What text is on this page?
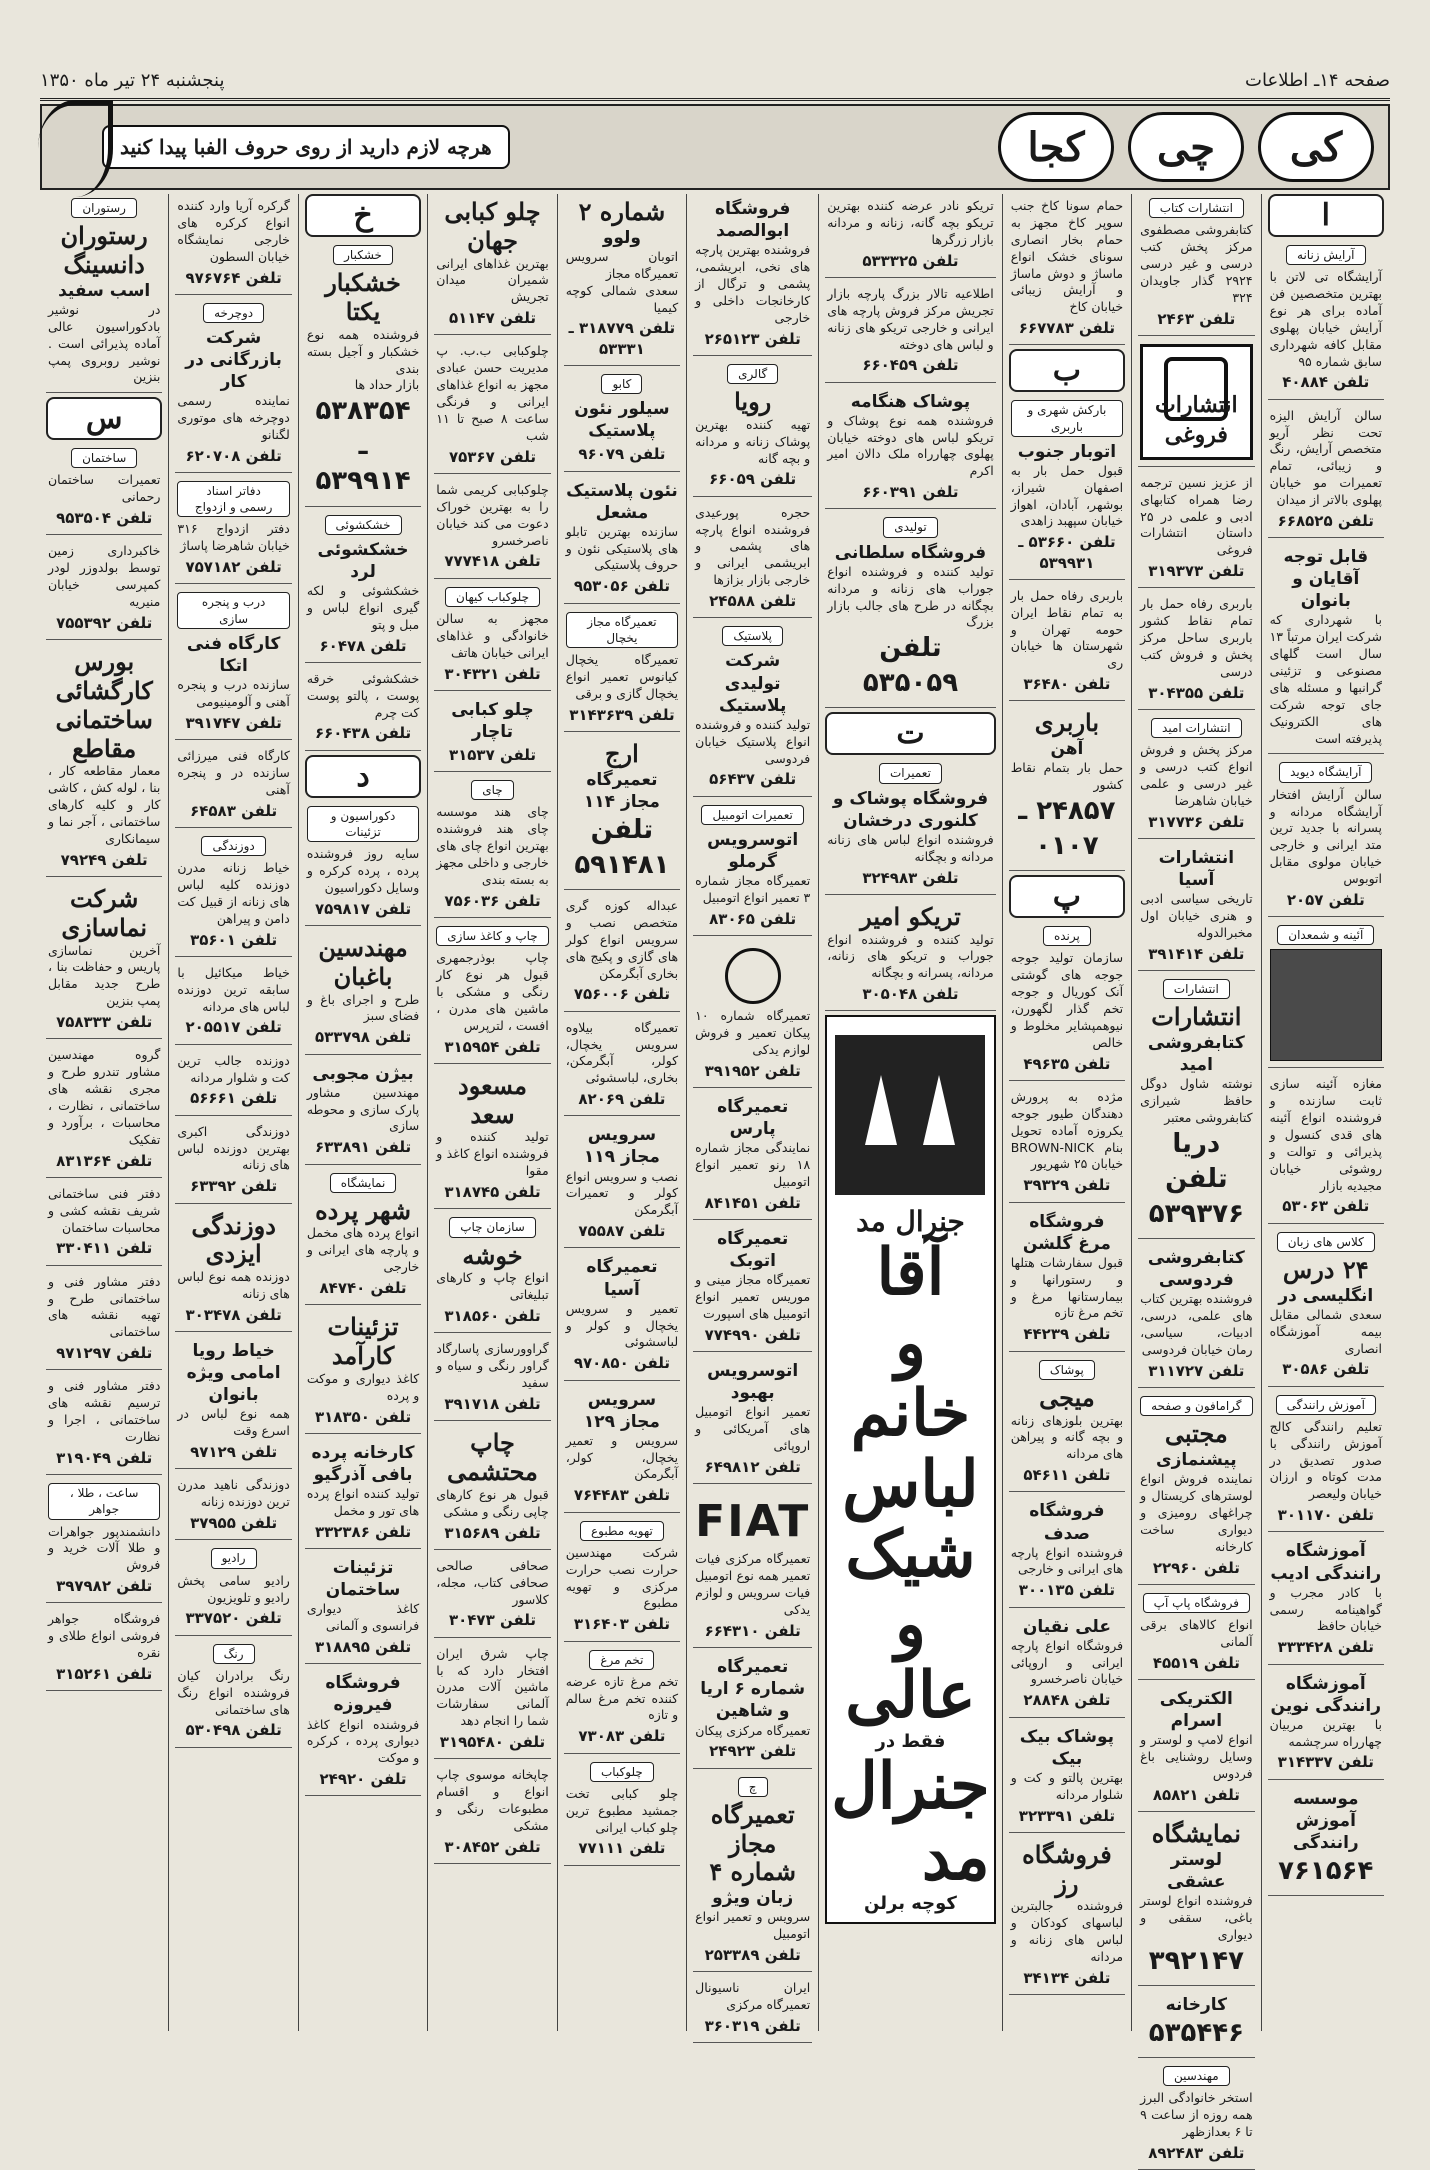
صفحه ۱۴ـ اطلاعات
پنجشنبه ۲۴ تیر ماه ۱۳۵۰
کی
چی
کجا
هرچه لازم دارید از روی حروف الفبا پیدا کنید
ا
آرایش زنانه
آرایشگاه تی لاتن با بهترین متخصصین فن آماده برای هر نوع آرایش خیابان پهلوی مقابل کافه شهرداری سابق شماره ۹۵
تلفن ۴۰۸۸۴
سالن آرایش الیزه تحت نظر آریو متخصص آرایش، رنگ و زیبائی، تمام تعمیرات مو خیابان پهلوی بالاتر از میدان
تلفن ۶۶۸۵۲۵
قابل توجه آقایان و بانوان
با شهرداری که شرکت ایران مرتباً ۱۳ سال است گلهای مصنوعی و تزئینی گرانبها و مسئله های جای توجه شرکت های الکترونیک پذیرفته است
آرایشگاه دیوید
سالن آرایش افتخار آرایشگاه مردانه و پسرانه با جدید ترین متد ایرانی و خارجی خیابان مولوی مقابل اتوبوس
تلفن ۲۰۵۷
آئینه و شمعدان
مغازه آئینه سازی ثابت سازنده و فروشنده انواع آئینه های قدی کنسول و پذیرائی و توالت و روشوئی خیابان مجیدیه بازار
تلفن ۵۳۰۶۳
کلاس های زبان
۲۴ درس
انگلیسی در
سعدی شمالی مقابل بیمه آموزشگاه انصاری
تلفن ۳۰۵۸۶
آموزش رانندگی
تعلیم رانندگی کالج آموزش رانندگی با صدور تصدیق در مدت کوتاه و ارزان خیابان ولیعصر
تلفن ۳۰۱۱۷۰
آموزشگاه رانندگی ادیب
با کادر مجرب و گواهینامه رسمی خیابان حافظ
تلفن ۳۳۳۴۲۸
آموزشگاه رانندگی نوین
با بهترین مربیان چهارراه سرچشمه
تلفن ۳۱۴۳۳۷
موسسه آموزش رانندگی
۷۶۱۵۶۴
انتشارات کتاب
کتابفروشی مصطفوی مرکز پخش کتب درسی و غیر درسی ۲۹۲۴ گذار جاویدان ۳۲۴
تلفن ۲۴۶۳
انتشارات فروغی
از عزیز نسین ترجمه رضا همراه کتابهای ادبی و علمی در ۲۵ داستان انتشارات فروغی
تلفن ۳۱۹۳۷۳
باربری رفاه حمل بار تمام نقاط کشور باربری ساحل مرکز پخش و فروش کتب درسی
تلفن ۳۰۴۳۵۵
انتشارات امید
مرکز پخش و فروش انواع کتب درسی و غیر درسی و علمی خیابان شاهرضا
تلفن ۳۱۷۷۳۶
انتشارات آسیا
تاریخی سیاسی ادبی و هنری خیابان اول مخبرالدوله
تلفن ۳۹۱۴۱۴
انتشارات
انتشارات
کتابفروشی امید
نوشته شاول دوگل حافظ شیرازی کتابفروشی معتبر
دریا تلفن ۵۳۹۳۷۶
کتابفروشی فردوسی
فروشنده بهترین کتاب های علمی، درسی، ادبیات، سیاسی، رمان خیابان فردوسی
تلفن ۳۱۱۷۲۷
گرامافون و صفحه
مجتبی
پیشنمازی
نماینده فروش انواع لوسترهای کریستال و چراغهای رومیزی و دیواری ساخت کارخانه
تلفن ۲۲۹۶۰
فروشگاه پاپ آپ
انواع کالاهای برقی آلمانی
تلفن ۴۵۵۱۹
الکتریکی اسرام
انواع لامپ و لوستر و وسایل روشنایی باغ فردوس
تلفن ۸۵۸۲۱
نمایشگاه
لوستر عشقی
فروشنده انواع لوستر باغی، سقفی و دیواری
۳۹۲۱۴۷
کارخانه
۵۳۵۴۴۶
مهندسین
استخر خانوادگی البرز همه روزه از ساعت ۹ تا ۶ بعدازظهر
تلفن ۸۹۲۴۸۳
حمام سونا کاخ جنب سوپر کاخ مجهز به حمام بخار انصاری سونای خشک انواع ماساژ و دوش ماساژ و آرایش زیبائی خیابان کاخ
تلفن ۶۶۷۷۸۳
ب
بارکش شهری و باربری
اتوبار جنوب
قبول حمل بار به اصفهان شیراز، بوشهر، آبادان، اهواز خیابان سپهبد زاهدی
تلفن ۵۳۶۶۰ ـ ۵۳۹۹۳۱
باربری رفاه حمل بار به تمام نقاط ایران حومه تهران و شهرستان ها خیابان ری
تلفن ۳۶۴۸۰
باربری
آهن
حمل بار بتمام نقاط کشور
۲۴۸۵۷ ـ ۰۱۰۷
پ
پرنده
سازمان تولید جوجه جوجه های گوشتی آنک کوریال و جوجه تخم گذار لگهورن، نیوهمپشایر مخلوط و خالص
تلفن ۴۹۶۳۵
مژده به پرورش دهندگان طیور جوجه یکروزه آماده تحویل بنام BROWN-NICK خیابان ۲۵ شهریور
تلفن ۳۹۳۲۹
فروشگاه مرغ گلشن
قبول سفارشات هتلها و رستورانها و بیمارستانها مرغ و تخم مرغ تازه
تلفن ۴۴۲۳۹
پوشاک
میجی
بهترین بلوزهای زنانه و بچه گانه و پیراهن های مردانه
تلفن ۵۴۶۱۱
فروشگاه صدف
فروشنده انواع پارچه های ایرانی و خارجی
تلفن ۳۰۰۱۳۵
علی نقیان
فروشگاه انواع پارچه ایرانی و اروپائی خیابان ناصرخسرو
تلفن ۲۸۸۴۸
پوشاک بیک بیک
بهترین پالتو و کت و شلوار مردانه
تلفن ۳۲۳۳۹۱
فروشگاه رز
فروشنده جالبترین لباسهای کودکان و لباس های زنانه و مردانه
تلفن ۳۴۱۳۴
تریکو نادر عرضه کننده بهترین تریکو بچه گانه، زنانه و مردانه بازار زرگرها
تلفن ۵۳۳۳۲۵
اطلاعیه تالار بزرگ پارچه بازار تجریش مرکز فروش پارچه های ایرانی و خارجی تریکو های زنانه و لباس های دوخته
تلفن ۶۶۰۴۵۹
پوشاک هنگامه
فروشنده همه نوع پوشاک و تریکو لباس های دوخته خیابان پهلوی چهارراه ملک دالان امیر اکرم
تلفن ۶۶۰۳۹۱
تولیدی
فروشگاه سلطانی
تولید کننده و فروشنده انواع جوراب های زنانه و مردانه بچگانه در طرح های جالب بازار بزرگ
تلفن ۵۳۵۰۵۹
ت
تعمیرات
فروشگاه پوشاک و کلنوری درخشان
فروشنده انواع لباس های زنانه مردانه و بچگانه
تلفن ۳۲۴۹۸۳
تریکو امیر
تولید کننده و فروشنده انواع جوراب و تریکو های زنانه، مردانه، پسرانه و بچگانه
تلفن ۳۰۵۰۴۸
جنرال مد
آقا
و
خانم
لباس
شیک
و
عالی
فقط در
جنرال مد
کوچه برلن
فروشگاه ابوالصمد
فروشنده بهترین پارچه های نخی، ابریشمی، پشمی و ترگال از کارخانجات داخلی و خارجی
تلفن ۲۶۵۱۲۳
گالری
رویا
تهیه کننده بهترین پوشاک زنانه و مردانه و بچه گانه
تلفن ۶۶۰۵۹
حجره پورعیدی فروشنده انواع پارچه های پشمی و ابریشمی ایرانی و خارجی بازار بزازها
تلفن ۲۴۵۸۸
پلاستیک
شرکت تولیدی پلاستیک
تولید کننده و فروشنده انواع پلاستیک خیابان فردوسی
تلفن ۵۶۴۳۷
تعمیرات اتومبیل
اتوسرویس گرملو
تعمیرگاه مجاز شماره ۳ تعمیر انواع اتومبیل
تلفن ۸۳۰۶۵
تعمیرگاه شماره ۱۰ پیکان تعمیر و فروش لوازم یدکی
تلفن ۳۹۱۹۵۲
تعمیرگاه پارس
نمایندگی مجاز شماره ۱۸ رنو تعمیر انواع اتومبیل
تلفن ۸۴۱۴۵۱
تعمیرگاه اتوبک
تعمیرگاه مجاز مینی و موریس تعمیر انواع اتومبیل های اسپورت
تلفن ۷۷۴۹۹۰
اتوسرویس بهبود
تعمیر انواع اتومبیل های آمریکائی و اروپائی
تلفن ۶۴۹۸۱۲
FIAT
تعمیرگاه مرکزی فیات تعمیر همه نوع اتومبیل فیات سرویس و لوازم یدکی
تلفن ۶۶۴۳۱۰
تعمیرگاه شماره ۶ اریا و شاهین
تعمیرگاه مرکزی پیکان
تلفن ۲۴۹۲۳
چ
تعمیرگاه مجاز شماره ۴
زبان ویژو
سرویس و تعمیر انواع اتومبیل
تلفن ۲۵۳۳۸۹
ایران ناسیونال تعمیرگاه مرکزی
تلفن ۳۶۰۳۱۹
شماره ۲
ولوو
اتوبان سرویس تعمیرگاه مجاز
سعدی شمالی کوچه کیمیا
تلفن ۳۱۸۷۷۹ ـ ۵۳۳۳۱
کابو
سیلور نئون پلاستیک
تلفن ۹۶۰۷۹
نئون پلاستیک مشعل
سازنده بهترین تابلو های پلاستیکی نئون و حروف پلاستیکی
تلفن ۹۵۳۰۵۶
تعمیرگاه مجاز یخچال
تعمیرگاه یخچال کیانوس تعمیر انواع یخچال گازی و برقی
تلفن ۳۱۴۳۶۳۹
ارج
تعمیرگاه مجاز ۱۱۴
تلفن ۵۹۱۴۸۱
عبداله کوزه گری متخصص نصب و سرویس انواع کولر های گازی و پکیج های بخاری آبگرمکن
تلفن ۷۵۶۰۰۶
تعمیرگاه بیلاوه سرویس یخچال، کولر، آبگرمکن، بخاری، لباسشوئی
تلفن ۸۲۰۶۹
سرویس مجاز ۱۱۹
نصب و سرویس انواع کولر و تعمیرات آبگرمکن
تلفن ۷۵۵۸۷
تعمیرگاه آسیا
تعمیر و سرویس یخچال و کولر و لباسشوئی
تلفن ۹۷۰۸۵۰
سرویس مجاز ۱۲۹
سرویس و تعمیر یخچال، کولر، آبگرمکن
تلفن ۷۶۴۴۸۳
تهویه مطبوع
شرکت مهندسین حرارت نصب حرارت مرکزی و تهویه مطبوع
تلفن ۳۱۶۴۰۳
تخم مرغ
تخم مرغ تازه عرضه کننده تخم مرغ سالم و تازه
تلفن ۷۳۰۸۳
چلوکباب
چلو کبابی تخت جمشید مطبوع ترین چلو کباب ایرانی
تلفن ۷۷۱۱۱
چلو کبابی جهان
بهترین غذاهای ایرانی شمیران میدان تجریش
تلفن ۵۱۱۴۷
چلوکبابی ب.ب. پ مدیریت حسن عبادی مجهز به انواع غذاهای ایرانی و فرنگی ساعت ۸ صبح تا ۱۱ شب
تلفن ۷۵۳۶۷
چلوکبابی کریمی شما را به بهترین خوراک دعوت می کند خیابان ناصرخسرو
تلفن ۷۷۷۴۱۸
چلوکباب کیهان
مجهز به سالن خانوادگی و غذاهای ایرانی خیابان هاتف
تلفن ۳۰۴۳۲۱
چلو کبابی تاچار
تلفن ۳۱۵۳۷
چای
چای هند موسسه چای هند فروشنده بهترین انواع چای های خارجی و داخلی مجهز به بسته بندی
تلفن ۷۵۶۰۳۶
چاپ و کاغذ سازی
چاپ بوذرجمهری قبول هر نوع کار رنگی و مشکی با ماشین های مدرن ، افست ، لترپرس
تلفن ۳۱۵۹۵۴
مسعود سعد
تولید کننده و فروشنده انواع کاغذ و مقوا
تلفن ۳۱۸۷۴۵
سازمان چاپ
خوشه
انواع چاپ و کارهای تبلیغاتی
تلفن ۳۱۸۵۶۰
گراوورسازی پاسارگاد گراور رنگی و سیاه و سفید
تلفن ۳۹۱۷۱۸
چاپ محتشمی
قبول هر نوع کارهای چاپی رنگی و مشکی
تلفن ۳۱۵۶۸۹
صحافی صالحی صحافی کتاب، مجله، کلاسور
تلفن ۳۰۴۷۳
چاپ شرق ایران افتخار دارد که با ماشین آلات مدرن آلمانی سفارشات شما را انجام دهد
تلفن ۳۱۹۵۴۸۰
چاپخانه موسوی چاپ انواع و اقسام مطبوعات رنگی و مشکی
تلفن ۳۰۸۴۵۲
خ
خشکبار
خشکبار یکتا
فروشنده همه نوع خشکبار و آجیل بسته بندی
بازار حداد ها
۵۳۸۳۵۴ ـ ۵۳۹۹۱۴
خشکشوئی
خشکشوئی لرد
خشکشوئی و لکه گیری انواع لباس و مبل و پتو
تلفن ۶۰۴۷۸
خشکشوئی خرقه پوست ، پالتو پوست کت چرم
تلفن ۶۶۰۴۳۸
د
دکوراسیون و تزئینات
سایه روز فروشنده پرده ، پرده کرکره و وسایل دکوراسیون
تلفن ۷۵۹۸۱۷
مهندسین باغبان
طرح و اجرای باغ و فضای سبز
تلفن ۵۳۳۷۹۸
بیژن مجوبی
مهندسین مشاور پارک سازی و محوطه سازی
تلفن ۶۳۳۸۹۱
نمایشگاه
شهر پرده
انواع پرده های مخمل و پارچه های ایرانی و خارجی
تلفن ۸۴۷۴۰
تزئینات کارآمد
کاغذ دیواری و موکت و پرده
تلفن ۳۱۸۳۵۰
کارخانه پرده بافی آذرگیو
تولید کننده انواع پرده های تور و مخمل
تلفن ۳۳۲۳۸۶
تزئینات ساختمان
کاغذ دیواری فرانسوی و آلمانی
تلفن ۳۱۸۸۹۵
فروشگاه فیروزه
فروشنده انواع کاغذ دیواری پرده ، کرکره و موکت
تلفن ۲۴۹۲۰
گرکره آریا وارد کننده انواع کرکره های خارجی نمایشگاه خیابان السطون
تلفن ۹۷۶۷۶۴
دوچرخه
شرکت بازرگانی در کار
نماینده رسمی دوچرخه های موتوری لگنانو
تلفن ۶۲۰۷۰۸
دفاتر اسناد رسمی و ازدواج
دفتر ازدواج ۳۱۶ خیابان شاهرضا پاساژ
تلفن ۷۵۷۱۸۲
درب و پنجره سازی
کارگاه فنی اتکا
سازنده درب و پنجره آهنی و آلومینیومی
تلفن ۳۹۱۷۴۷
کارگاه فنی میرزائی سازنده در و پنجره آهنی
تلفن ۶۴۵۸۳
دوزندگی
خیاط زنانه مدرن دوزنده کلیه لباس های زنانه از قبیل کت دامن و پیراهن
تلفن ۳۵۶۰۱
خیاط میکائیل با سابقه ترین دوزنده لباس های مردانه
تلفن ۲۰۵۵۱۷
دوزنده جالب ترین کت و شلوار مردانه
تلفن ۵۶۶۶۱
دوزندگی اکبری بهترین دوزنده لباس های زنانه
تلفن ۶۳۳۹۲
دوزندگی ایزدی
دوزنده همه نوع لباس های زنانه
تلفن ۳۰۳۴۷۸
خیاط رویا امامی ویژه بانوان
همه نوع لباس در اسرع وقت
تلفن ۹۷۱۲۹
دوزندگی ناهید مدرن ترین دوزنده زنانه
تلفن ۳۷۹۵۵
رادیو
رادیو سامی پخش رادیو و تلویزیون
تلفن ۳۳۷۵۲۰
رنگ
رنگ برادران کیان فروشنده انواع رنگ های ساختمانی
تلفن ۵۳۰۴۹۸
رستوران
رستوران دانسینگ
اسب سفید
در نوشیر بادکوراسیون عالی آماده پذیرائی است . نوشیر روبروی پمپ بنزین
س
ساختمان
تعمیرات ساختمان رحمانی
تلفن ۹۵۳۵۰۴
خاکبرداری زمین توسط بولدوزر لودر کمپرسی خیابان منیریه
تلفن ۷۵۵۳۹۲
بورس کارگشائی ساختمانی مقاطع
معمار مقاطعه کار ، بنا ، لوله کش ، کاشی کار و کلیه کارهای ساختمانی ، آجر نما و سیمانکاری
تلفن ۷۹۲۴۹
شرکت نماسازی
آخرین نماسازی پاریس و حفاظت بنا ، طرح جدید مقابل پمپ بنزین
تلفن ۷۵۸۳۳۳
گروه مهندسین مشاور تندرو طرح و مجری نقشه های ساختمانی ، نظارت ، محاسبات ، برآورد و تفکیک
تلفن ۸۳۱۳۶۴
دفتر فنی ساختمانی شریف نقشه کشی و محاسبات ساختمان
تلفن ۳۳۰۴۱۱
دفتر مشاور فنی و ساختمانی طرح و تهیه نقشه های ساختمانی
تلفن ۹۷۱۲۹۷
دفتر مشاور فنی و ترسیم نقشه های ساختمانی ، اجرا و نظارت
تلفن ۳۱۹۰۴۹
ساعت ، طلا ، جواهر
دانشمندپور جواهرات و طلا آلات خرید و فروش
تلفن ۳۹۷۹۸۲
فروشگاه جواهر فروشی انواع طلای و نقره
تلفن ۳۱۵۲۶۱
